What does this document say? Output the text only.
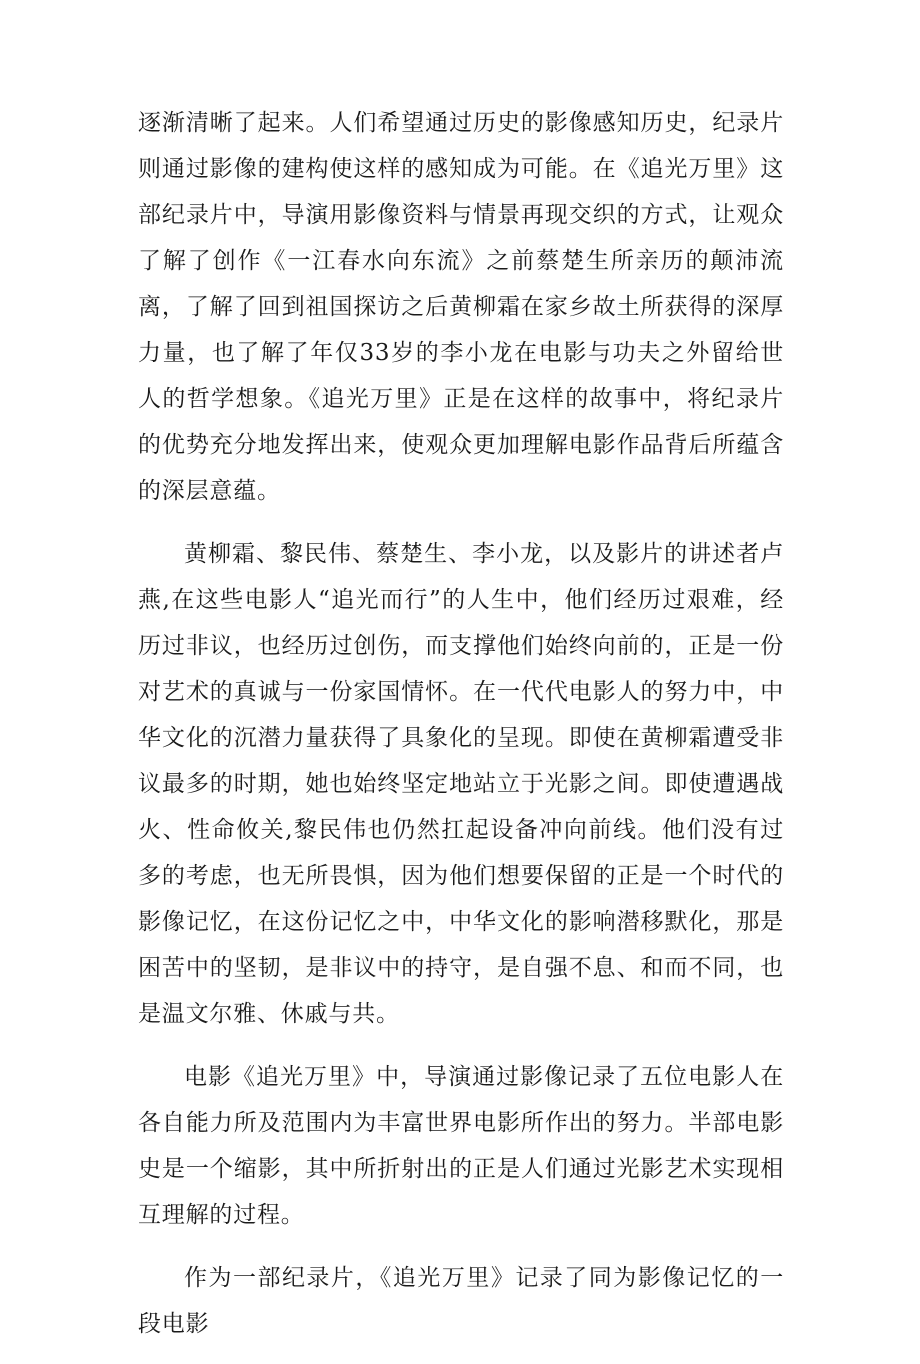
逐渐清晰了起来。人们希望通过历史的影像感知历史，纪录片则通过影像的建构使这样的感知成为可能。在《追光万里》这部纪录片中，导演用影像资料与情景再现交织的方式，让观众了解了创作《一江春水向东流》之前蔡楚生所亲历的颠沛流离，了解了回到祖国探访之后黄柳霜在家乡故土所获得的深厚力量，也了解了年仅33岁的李小龙在电影与功夫之外留给世人的哲学想象。《追光万里》正是在这样的故事中，将纪录片的优势充分地发挥出来，使观众更加理解电影作品背后所蕴含的深层意蕴。

黄柳霜、黎民伟、蔡楚生、李小龙，以及影片的讲述者卢燕,在这些电影人“追光而行”的人生中，他们经历过艰难，经历过非议，也经历过创伤，而支撑他们始终向前的，正是一份对艺术的真诚与一份家国情怀。在一代代电影人的努力中，中华文化的沉潜力量获得了具象化的呈现。即使在黄柳霜遭受非议最多的时期，她也始终坚定地站立于光影之间。即使遭遇战火、性命攸关,黎民伟也仍然扛起设备冲向前线。他们没有过多的考虑，也无所畏惧，因为他们想要保留的正是一个时代的影像记忆，在这份记忆之中，中华文化的影响潜移默化，那是困苦中的坚韧，是非议中的持守，是自强不息、和而不同，也是温文尔雅、休戚与共。

电影《追光万里》中，导演通过影像记录了五位电影人在各自能力所及范围内为丰富世界电影所作出的努力。半部电影史是一个缩影，其中所折射出的正是人们通过光影艺术实现相互理解的过程。

作为一部纪录片，《追光万里》记录了同为影像记忆的一段电影
